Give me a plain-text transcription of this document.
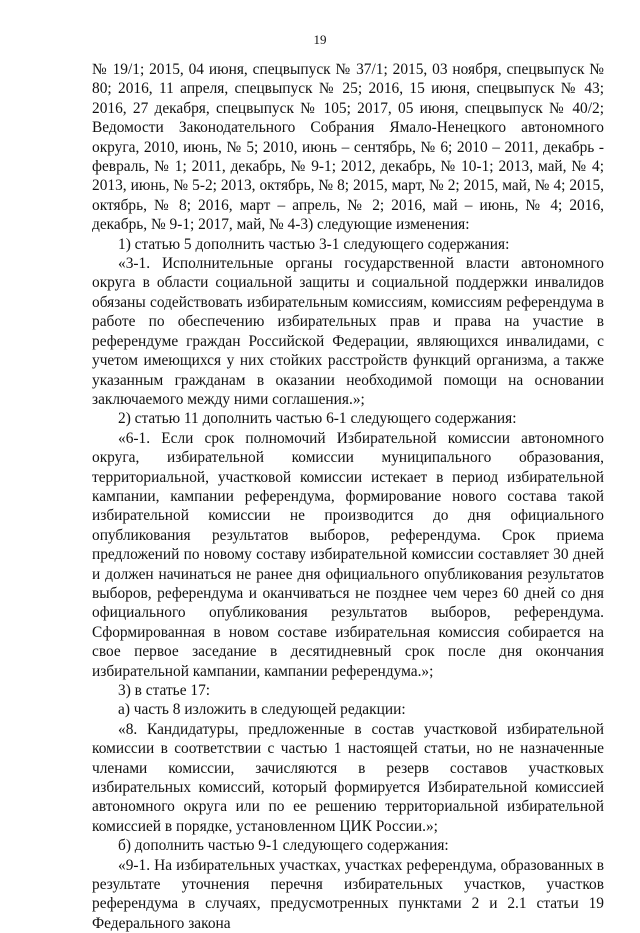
19

№ 19/1; 2015, 04 июня, спецвыпуск № 37/1; 2015, 03 ноября, спецвыпуск № 80; 2016, 11 апреля, спецвыпуск № 25; 2016, 15 июня, спецвыпуск № 43; 2016, 27 декабря, спецвыпуск № 105; 2017, 05 июня, спецвыпуск № 40/2; Ведомости Законодательного Собрания Ямало-Ненецкого автономного округа, 2010, июнь, № 5; 2010, июнь – сентябрь, № 6; 2010 – 2011, декабрь - февраль, № 1; 2011, декабрь, № 9-1; 2012, декабрь, № 10-1; 2013, май, № 4; 2013, июнь, № 5-2; 2013, октябрь, № 8; 2015, март, № 2; 2015, май, № 4; 2015, октябрь, № 8; 2016, март – апрель, № 2; 2016, май – июнь, № 4; 2016, декабрь, № 9-1; 2017, май, № 4-3) следующие изменения:

1) статью 5 дополнить частью 3-1 следующего содержания:

«3-1. Исполнительные органы государственной власти автономного округа в области социальной защиты и социальной поддержки инвалидов обязаны содействовать избирательным комиссиям, комиссиям референдума в работе по обеспечению избирательных прав и права на участие в референдуме граждан Российской Федерации, являющихся инвалидами, с учетом имеющихся у них стойких расстройств функций организма, а также указанным гражданам в оказании необходимой помощи на основании заключаемого между ними соглашения.»;

2) статью 11 дополнить частью 6-1 следующего содержания:

«6-1. Если срок полномочий Избирательной комиссии автономного округа, избирательной комиссии муниципального образования, территориальной, участковой комиссии истекает в период избирательной кампании, кампании референдума, формирование нового состава такой избирательной комиссии не производится до дня официального опубликования результатов выборов, референдума. Срок приема предложений по новому составу избирательной комиссии составляет 30 дней и должен начинаться не ранее дня официального опубликования результатов выборов, референдума и оканчиваться не позднее чем через 60 дней со дня официального опубликования результатов выборов, референдума. Сформированная в новом составе избирательная комиссия собирается на свое первое заседание в десятидневный срок после дня окончания избирательной кампании, кампании референдума.»;

3) в статье 17:

а) часть 8 изложить в следующей редакции:

«8. Кандидатуры, предложенные в состав участковой избирательной комиссии в соответствии с частью 1 настоящей статьи, но не назначенные членами комиссии, зачисляются в резерв составов участковых избирательных комиссий, который формируется Избирательной комиссией автономного округа или по ее решению территориальной избирательной комиссией в порядке, установленном ЦИК России.»;

б) дополнить частью 9-1 следующего содержания:

«9-1. На избирательных участках, участках референдума, образованных в результате уточнения перечня избирательных участков, участков референдума в случаях, предусмотренных пунктами 2 и 2.1 статьи 19 Федерального закона
